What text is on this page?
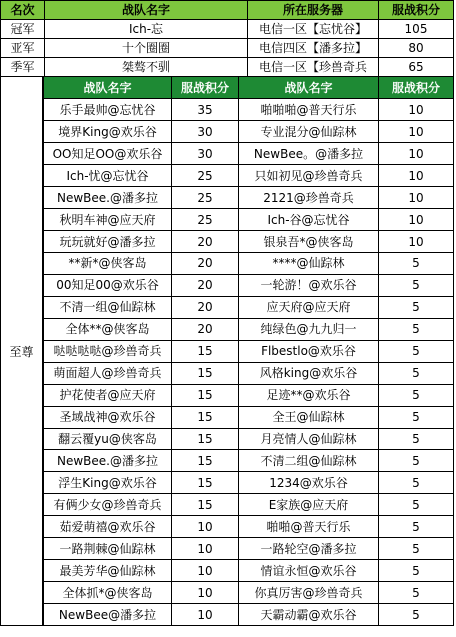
名次	战队名字	所在服务器	服战积分
冠军	Ich-忘	电信一区【忘忧谷】	105
亚军	十个圈圈	电信四区【潘多拉】	80
季军	桀骜不驯	电信一区【珍兽奇兵	65
至尊
战队名字	服战积分	战队名字	服战积分
乐手最帅@忘忧谷	35	啪啪啪@普天行乐	10
境界King@欢乐谷	30	专业混分@仙踪林	10
OO知足OO@欢乐谷	30	NewBee。@潘多拉	10
Ich-忧@忘忧谷	25	只如初见@珍兽奇兵	10
NewBee.@潘多拉	25	2121@珍兽奇兵	10
秋明车神@应天府	25	Ich-谷@忘忧谷	10
玩玩就好@潘多拉	20	银泉吾*@侠客岛	10
**新*@侠客岛	20	****@仙踪林	5
00知足00@欢乐谷	20	一轮游！@欢乐谷	5
不清一组@仙踪林	20	应天府@应天府	5
全体**@侠客岛	20	纯绿色@九九归一	5
哒哒哒哒@珍兽奇兵	15	Flbestlo@欢乐谷	5
萌面超人@珍兽奇兵	15	风格king@欢乐谷	5
护花使者@应天府	15	足迹**@欢乐谷	5
圣域战神@欢乐谷	15	全王@仙踪林	5
翻云覆yu@侠客岛	15	月亮情人@仙踪林	5
NewBee.@潘多拉	15	不清二组@仙踪林	5
浮生King@欢乐谷	15	1234@欢乐谷	5
有俩少女@珍兽奇兵	15	E家族@应天府	5
茹爱萌禧@欢乐谷	10	啪啪@普天行乐	5
一路荆棘@仙踪林	10	一路轮空@潘多拉	5
最美芳华@仙踪林	10	情谊永恒@欢乐谷	5
全体抓*@侠客岛	10	你真厉害@珍兽奇兵	5
NewBee@潘多拉	10	天霸动霸@欢乐谷	5
